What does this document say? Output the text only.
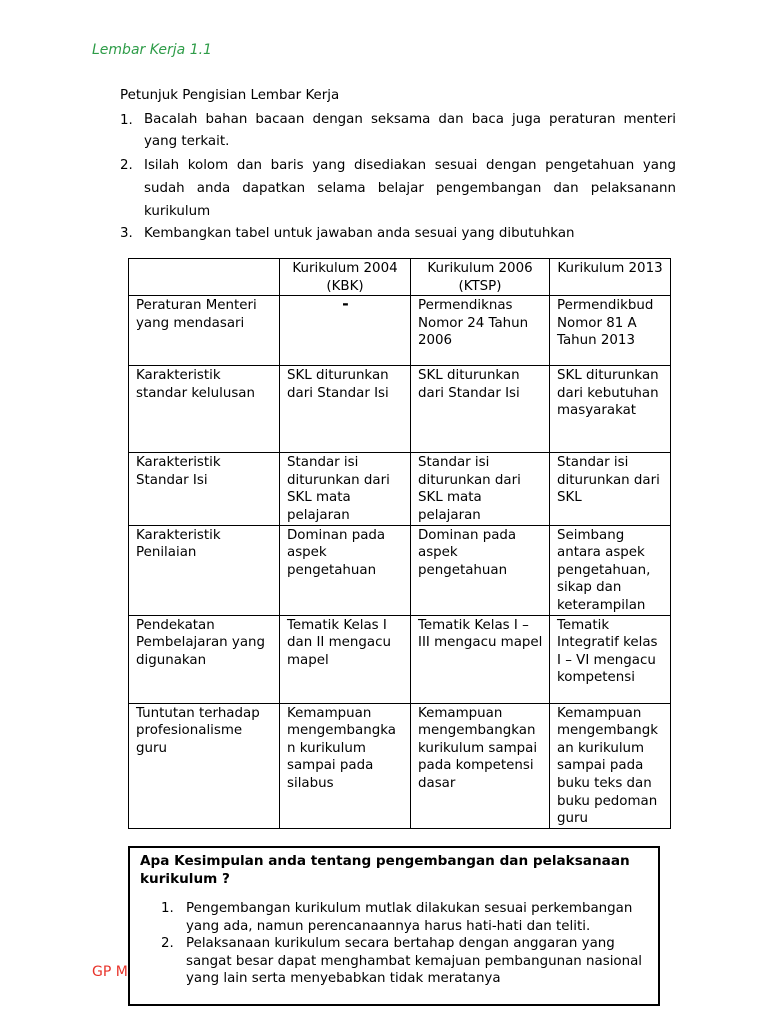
Lembar Kerja 1.1
Petunjuk Pengisian Lembar Kerja
1. Bacalah bahan bacaan dengan seksama dan baca juga peraturan menteri yang terkait.
2. Isilah kolom dan baris yang disediakan sesuai dengan pengetahuan yang sudah anda dapatkan selama belajar pengembangan dan pelaksanann kurikulum
3. Kembangkan tabel untuk jawaban anda sesuai yang dibutuhkan
	Kurikulum 2004 (KBK)	Kurikulum 2006 (KTSP)	Kurikulum 2013
Peraturan Menteri yang mendasari	-	Permendiknas Nomor 24 Tahun 2006	Permendikbud Nomor 81 A Tahun 2013
Karakteristik standar kelulusan	SKL diturunkan dari Standar Isi	SKL diturunkan dari Standar Isi	SKL diturunkan dari kebutuhan masyarakat
Karakteristik Standar Isi	Standar isi diturunkan dari SKL mata pelajaran	Standar isi diturunkan dari SKL mata pelajaran	Standar isi diturunkan dari SKL
Karakteristik Penilaian	Dominan pada aspek pengetahuan	Dominan pada aspek pengetahuan	Seimbang antara aspek pengetahuan, sikap dan keterampilan
Pendekatan Pembelajaran yang digunakan	Tematik Kelas I dan II mengacu mapel	Tematik Kelas I – III mengacu mapel	Tematik Integratif kelas I – VI mengacu kompetensi
Tuntutan terhadap profesionalisme guru	Kemampuan mengembangkan kurikulum sampai pada silabus	Kemampuan mengembangkan kurikulum sampai pada kompetensi dasar	Kemampuan mengembangkan kurikulum sampai pada buku teks dan buku pedoman guru
GP M
Apa Kesimpulan anda tentang pengembangan dan pelaksanaan kurikulum ?
1. Pengembangan kurikulum mutlak dilakukan sesuai perkembangan yang ada, namun perencanaannya harus hati-hati dan teliti.
2. Pelaksanaan kurikulum secara bertahap dengan anggaran yang sangat besar dapat menghambat kemajuan pembangunan nasional yang lain serta menyebabkan tidak meratanya
